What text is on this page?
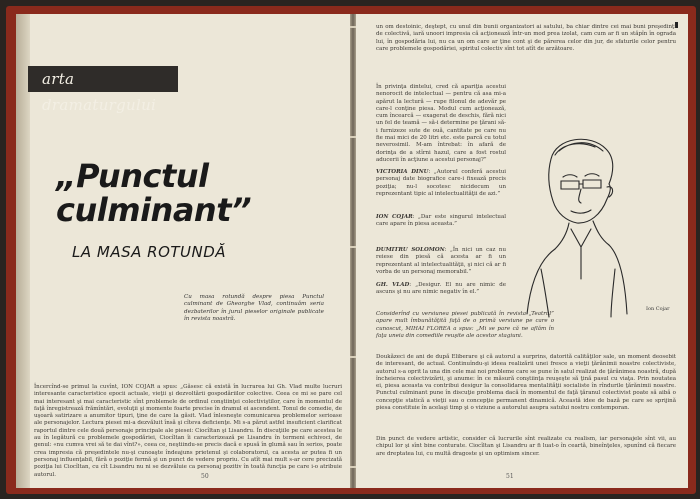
arta dramaturgului
„Punctul culminant”
LA MASA ROTUNDĂ
Cu masa rotundă despre piesa Punctul culminant de Gheorghe Vlad, continuăm seria dezbaterilor în jurul pieselor originale publicate în revista noastră.
Încercînd-se primul la cuvînt, ION COJAR a spus: „Găsesc că există în lucrarea lui Gh. Vlad multe lucruri interesante caracteristice epocii actuale, vieţii şi dezvoltării gospodăriilor colective. Ceea ce mi se pare cel mai interesant şi mai caracteristic sînt problemele de ordinul conştiinţei colectiviştilor, care în momentul de faţă înregistrează frămîntări, evoluţii şi momente foarte precise în dramul ei ascendent. Tonul de comedie, de uşoară satirizare a anumitor tipuri, ţine de care la găsit. Vlad înlesneşte comunicarea problemelor serioase ale personajelor. Lectura piesei mi-a dezvăluit însă şi cîteva deficienţe. Mi s-a părut astfel insuficient clarificat raportul dintre cele două personaje principale ale piesei: Ciocîltan şi Lisandru. În discuţiile pe care acestea le au în legătură cu problemele gospodăriei, Ciocîltan îi caracterizează pe Lisandru în termeni echivoci, de genul: «nu cumva vrei să te dai vînt?», ceea ce, neştiindu-se precis dacă e spusă în glumă sau în serios, poate crea impresia că preşedintele nu-şi cunoaşte îndeajuns prietenul şi colaboratorul, ca acesta ar putea fi un personaj influenţabil, fără o poziţie fermă şi un punct de vedere propriu. Cu atît mai mult s-ar cere precizată poziţia lui Ciocîltan, cu cît Lisandru nu ni se dezvăluie ca personaj pozitiv în toată funcţia pe care i-o atribuie autorul.	50
un om destoinic, deştept, cu unul din bunii organizatori ai satului, ba chiar dintre cei mai buni preşedinţi de colectivă, iară unoori impresia că acţionează într-un mod prea izolat, cam cum ar fi un stăpîn în ograda lui, în gospodăria lui, nu ca un om care ar ţine cont şi de părerea celor din jur, de sfaturile celor pentru care problemele gospodăriei, spiritul colectiv sînt tot atît de arzătoare.
În privinţa dintelui, cred că apariţia acestui nenorocit de intelectual — pentru că asa mi-a apărut la lectură — rupe filonul de adevăr pe care-l conţine piesa. Modul cum acţionează, cum încearcă — exagerat de deschis, fără nici un fel de teamă — să-i determine pe ţărani să-i furnizeze sute de ouă, cantitate pe care nu fie mai mici de 20 litri etc. este parcă cu totul neverosimil. M-am întrebat: în afară de dorinţa de a stîrni hazul, care a fost rostul aducerii în acţiune a acestui personaj?”
VICTORIA DINU: „Autorul conferă acestui personaj date biografice care-i fixează precis poziţia; nu-l socotesc nicidecum un reprezentant tipic al intelectualităţii de azi.”
ION COJAR: „Dar este singurul intelectual care apare în piesa aceasta.”
DUMITRU SOLOMON: „În nici un caz nu reiese din piesă că acesta ar fi un reprezentant al intelectualităţii, şi nici că ar fi vorba de un personaj memorabil.”
GH. VLAD: „Desigur. El nu are nimic de ascuns şi nu are nimic negativ în el.”
Ion Cojar
Considerînd cu versiunea piesei publicată în revista „Teatrul” apare mult îmbunătăţită faţă de o primă versiune pe care o cunoscut, MIHAI FLOREA a spus: „Mi se pare că ne aflăm în faţa uneia din comediile reuşite ale acestor stagiuni.
Doukăzeci de ani de după Eliberare şi că autorul a surprins, datorită calităţilor sale, un moment deosebit de interesant, de actual. Continuîndu-şi ideea realizării unei fresce a vieţii ţărănimii noastre colectiviste, autorul s-a oprit la una din cele mai noi probleme care se pune în satul realizat de ţărănimea noastră, după încheierea colectivizării, şi anume: în ce măsură conştiinţa reuşeşte să ţină pasul cu viaţa. Prin noutatea ei, piesa aceasta va contribui desigur la consolidarea mentalităţii socialiste în rîndurile ţărănimii noastre. Punctul culminant pune în discuţie problema dacă în momentul de faţă ţăranul colectivist poate să aibă o concepţie statică a vieţii sau o concepţie permanent dinamică. Această idee de bază pe care se sprijină piesa constituie în acelaşi timp şi o viziune a autorului asupra satului nostru contemporan.
Din punct de vedere artistic, consider că lucrurile sînt realizate cu realism, iar personajele sînt vii, au chipul lor şi sînt bine conturate. Ciocîltan şi Lisandru ar fi luat-o în ceartă, bineînţeles, spunînd că fiecare are dreptatea lui, cu multă dragoste şi un optimism sincer.
51
